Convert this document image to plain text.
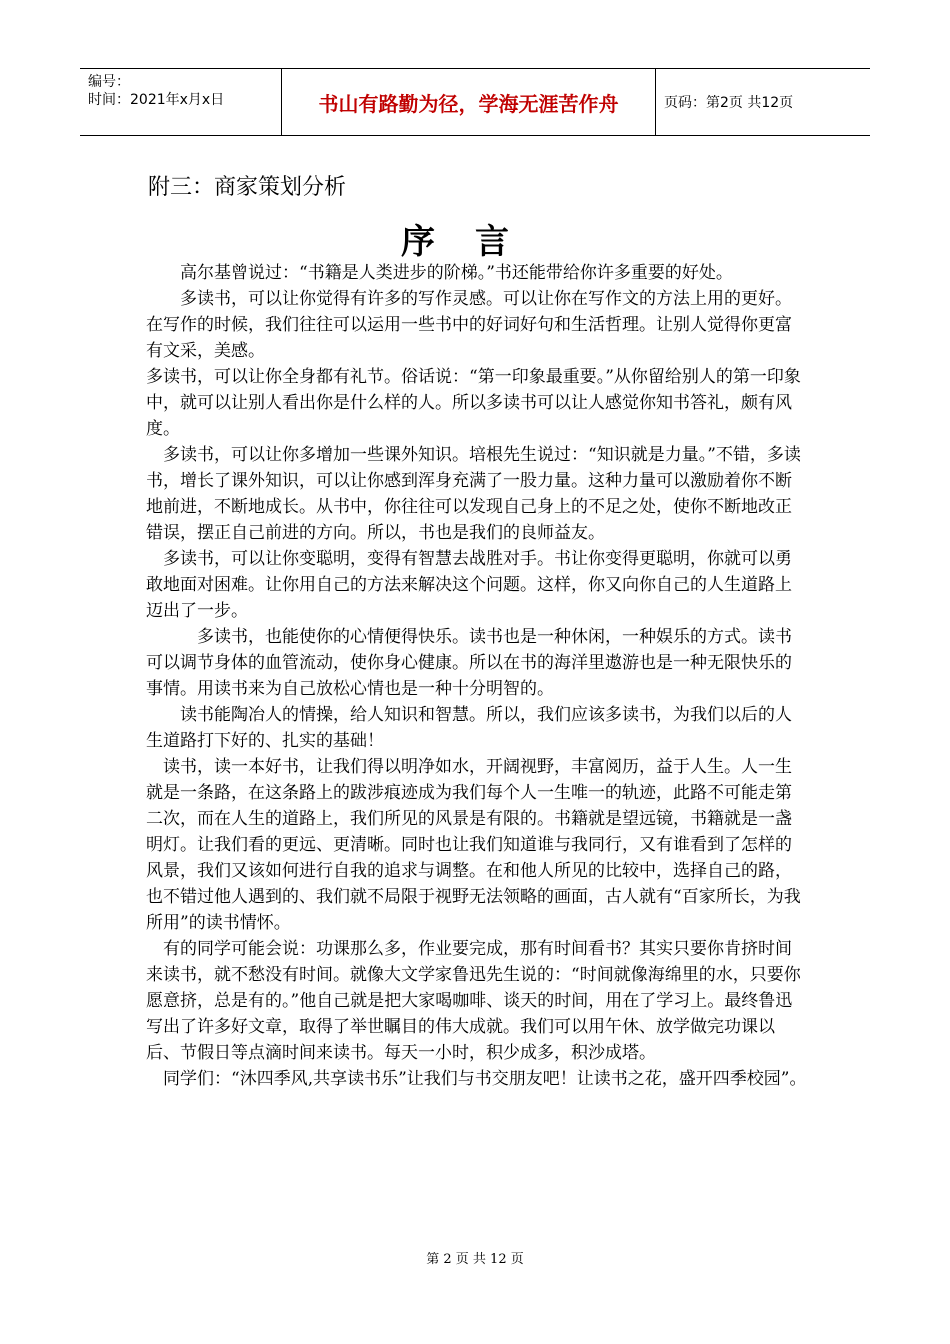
编号：
时间：2021年x月x日	书山有路勤为径，学海无涯苦作舟	页码：第2页 共12页
附三：商家策划分析
序言

　　高尔基曾说过：“书籍是人类进步的阶梯。”书还能带给你许多重要的好处。

　　多读书，可以让你觉得有许多的写作灵感。可以让你在写作文的方法上用的更好。在写作的时候，我们往往可以运用一些书中的好词好句和生活哲理。让别人觉得你更富有文采，美感。

多读书，可以让你全身都有礼节。俗话说：“第一印象最重要。”从你留给别人的第一印象中，就可以让别人看出你是什么样的人。所以多读书可以让人感觉你知书答礼，颇有风度。

　多读书，可以让你多增加一些课外知识。培根先生说过：“知识就是力量。”不错，多读书，增长了课外知识，可以让你感到浑身充满了一股力量。这种力量可以激励着你不断地前进，不断地成长。从书中，你往往可以发现自己身上的不足之处，使你不断地改正错误，摆正自己前进的方向。所以，书也是我们的良师益友。

　多读书，可以让你变聪明，变得有智慧去战胜对手。书让你变得更聪明，你就可以勇敢地面对困难。让你用自己的方法来解决这个问题。这样，你又向你自己的人生道路上迈出了一步。

　　　多读书，也能使你的心情便得快乐。读书也是一种休闲，一种娱乐的方式。读书可以调节身体的血管流动，使你身心健康。所以在书的海洋里遨游也是一种无限快乐的事情。用读书来为自己放松心情也是一种十分明智的。

　　读书能陶冶人的情操，给人知识和智慧。所以，我们应该多读书，为我们以后的人生道路打下好的、扎实的基础！

　读书，读一本好书，让我们得以明净如水，开阔视野，丰富阅历，益于人生。人一生就是一条路，在这条路上的跋涉痕迹成为我们每个人一生唯一的轨迹，此路不可能走第二次，而在人生的道路上，我们所见的风景是有限的。书籍就是望远镜，书籍就是一盏明灯。让我们看的更远、更清晰。同时也让我们知道谁与我同行，又有谁看到了怎样的风景，我们又该如何进行自我的追求与调整。在和他人所见的比较中，选择自己的路，也不错过他人遇到的、我们就不局限于视野无法领略的画面，古人就有“百家所长，为我所用”的读书情怀。

　有的同学可能会说：功课那么多，作业要完成，那有时间看书？其实只要你肯挤时间来读书，就不愁没有时间。就像大文学家鲁迅先生说的：“时间就像海绵里的水，只要你愿意挤，总是有的。”他自己就是把大家喝咖啡、谈天的时间，用在了学习上。最终鲁迅写出了许多好文章，取得了举世瞩目的伟大成就。我们可以用午休、放学做完功课以后、节假日等点滴时间来读书。每天一小时，积少成多，积沙成塔。

　同学们：“沐四季风,共享读书乐”让我们与书交朋友吧！让读书之花，盛开四季校园”。

第 2 页 共 12 页
